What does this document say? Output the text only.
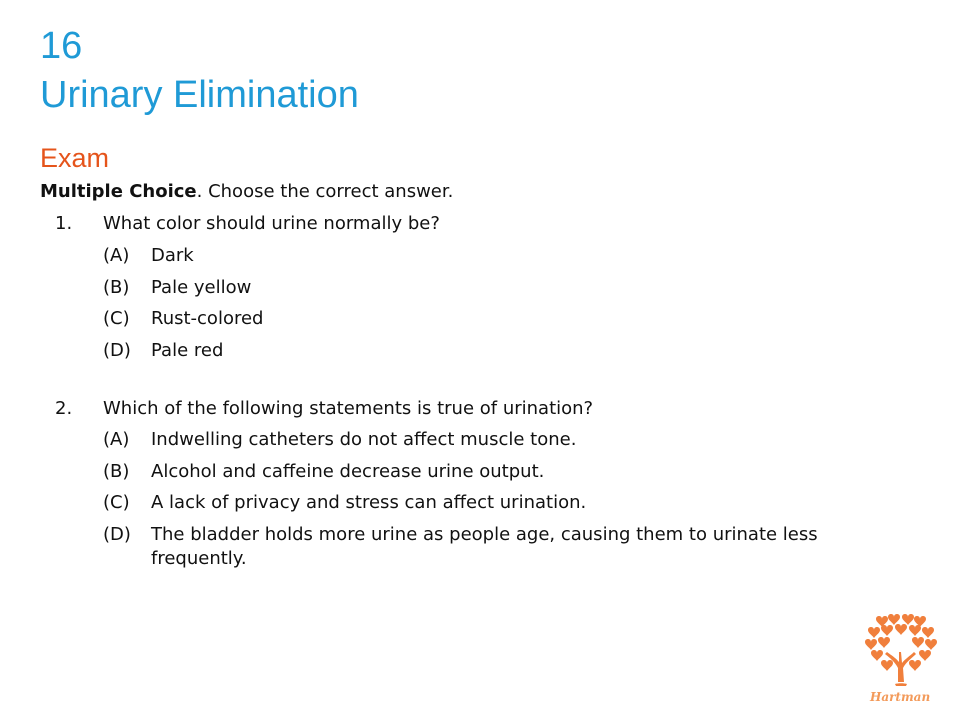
16
Urinary Elimination
Exam
Multiple Choice. Choose the correct answer.
1. What color should urine normally be?
(A) Dark
(B) Pale yellow
(C) Rust-colored
(D) Pale red
2. Which of the following statements is true of urination?
(A) Indwelling catheters do not affect muscle tone.
(B) Alcohol and caffeine decrease urine output.
(C) A lack of privacy and stress can affect urination.
(D) The bladder holds more urine as people age, causing them to urinate less frequently.
Hartman
